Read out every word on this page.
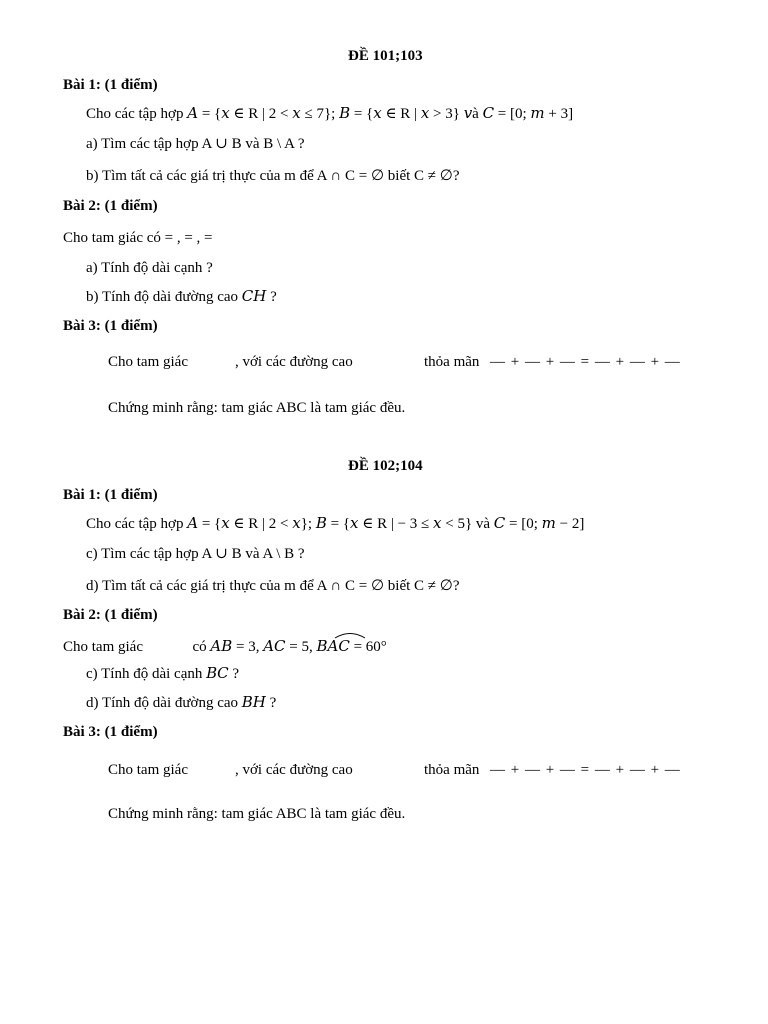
ĐỀ 101;103
Bài 1: (1 điểm)
Cho các tập hợp 𝐴 = {𝑥 ∈ R | 2 < 𝑥 ≤ 7}; 𝐵 = {𝑥 ∈ R | 𝑥 > 3} 𝑣à 𝐶 = [0; 𝑚 + 3]
a) Tìm các tập hợp A ∪ B và B \ A ?
b) Tìm tất cả các giá trị thực của m để A ∩ C = ∅ biết C ≠ ∅?
Bài 2: (1 điểm)
Cho tam giác có = , = , =
a) Tính độ dài cạnh ?
b) Tính độ dài đường cao 𝐶𝐻 ?
Bài 3: (1 điểm)
Cho tam giác	, với các đường cao	thỏa mãn — + — + — = — + — + —
Chứng minh rằng: tam giác ABC là tam giác đều.
ĐỀ 102;104
Bài 1: (1 điểm)
Cho các tập hợp 𝐴 = {𝑥 ∈ R | 2 < 𝑥}; 𝐵 = {𝑥 ∈ R | − 3 ≤ 𝑥 < 5} và 𝐶 = [0; 𝑚 − 2]
c) Tìm các tập hợp A ∪ B và A \ B ?
d) Tìm tất cả các giá trị thực của m để A ∩ C = ∅ biết C ≠ ∅?
Bài 2: (1 điểm)
Cho tam giác	có 𝐴𝐵 = 3, 𝐴𝐶 = 5, 𝐵𝐴𝐶 = 60°
c) Tính độ dài cạnh 𝐵𝐶 ?
d) Tính độ dài đường cao 𝐵𝐻 ?
Bài 3: (1 điểm)
Cho tam giác	, với các đường cao	thỏa mãn — + — + — = — + — + —
Chứng minh rằng: tam giác ABC là tam giác đều.
